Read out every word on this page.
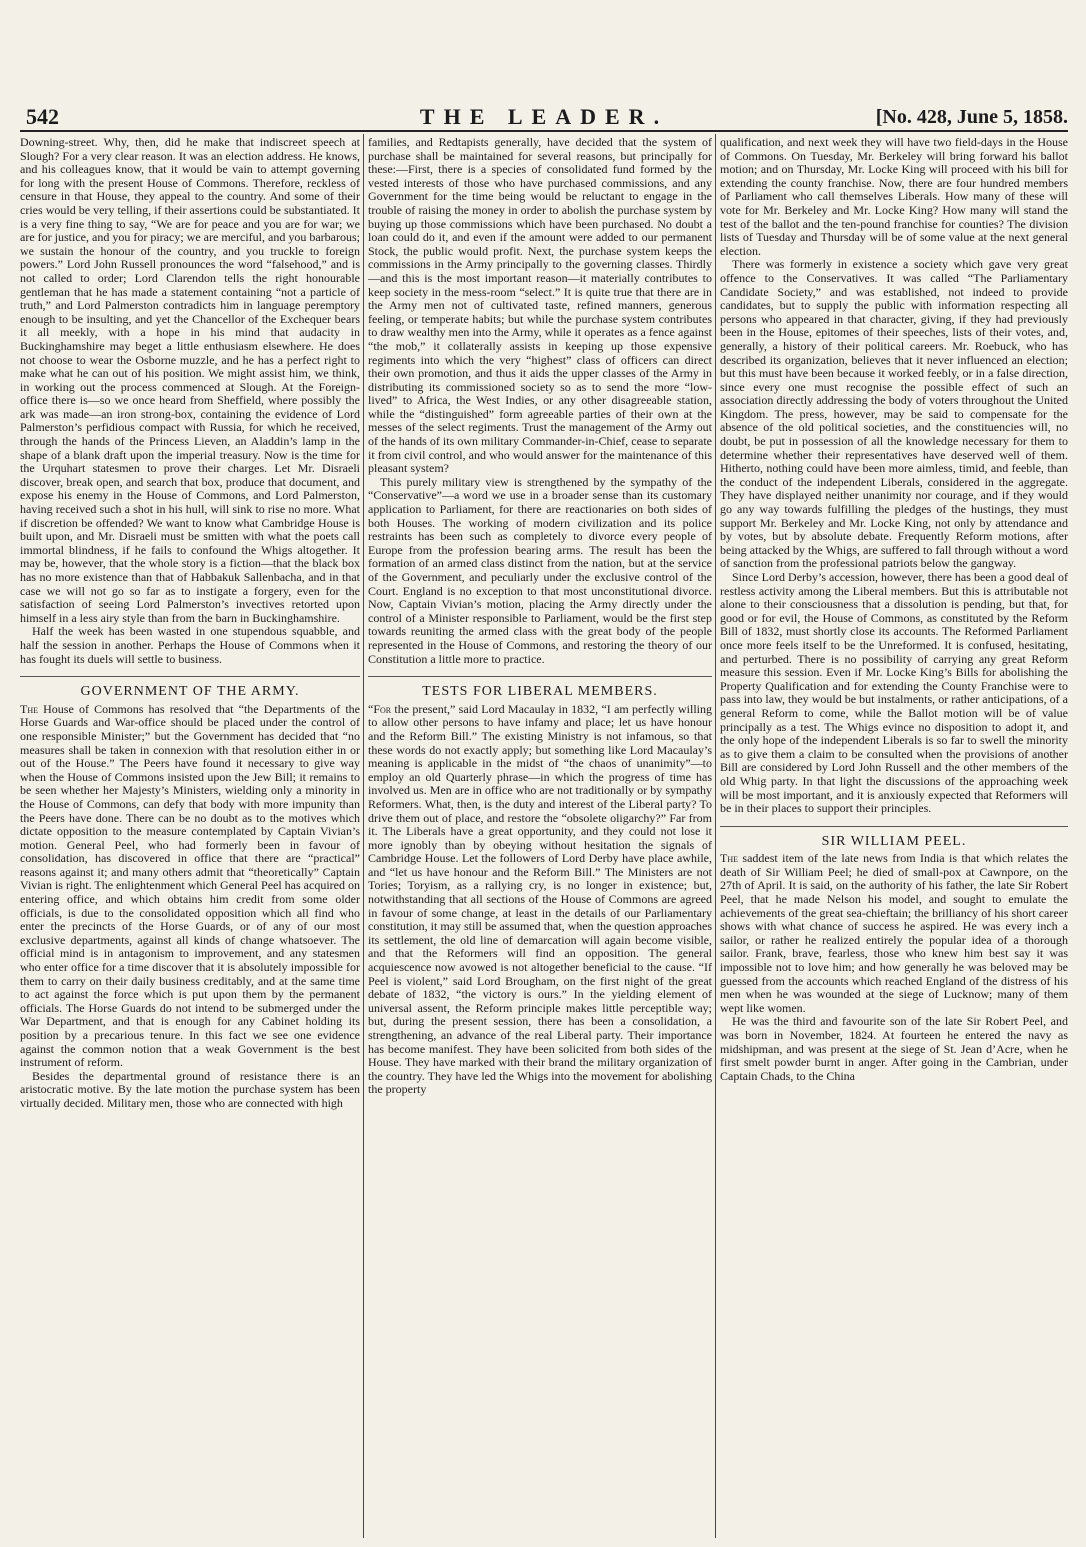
542	THE LEADER.	[No. 428, June 5, 1858.

Downing-street. Why, then, did he make that indiscreet speech at Slough? For a very clear reason. It was an election address. He knows, and his colleagues know, that it would be vain to attempt governing for long with the present House of Commons. Therefore, reckless of censure in that House, they appeal to the country. And some of their cries would be very telling, if their assertions could be substantiated. It is a very fine thing to say, “We are for peace and you are for war; we are for justice, and you for piracy; we are merciful, and you barbarous; we sustain the honour of the country, and you truckle to foreign powers.” Lord John Russell pronounces the word “falsehood,” and is not called to order; Lord Clarendon tells the right honourable gentleman that he has made a statement containing “not a particle of truth,” and Lord Palmerston contradicts him in language peremptory enough to be insulting, and yet the Chancellor of the Exchequer bears it all meekly, with a hope in his mind that audacity in Buckinghamshire may beget a little enthusiasm elsewhere. He does not choose to wear the Osborne muzzle, and he has a perfect right to make what he can out of his position. We might assist him, we think, in working out the process commenced at Slough. At the Foreign-office there is—so we once heard from Sheffield, where possibly the ark was made—an iron strong-box, containing the evidence of Lord Palmerston’s perfidious compact with Russia, for which he received, through the hands of the Princess Lieven, an Aladdin’s lamp in the shape of a blank draft upon the imperial treasury. Now is the time for the Urquhart statesmen to prove their charges. Let Mr. Disraeli discover, break open, and search that box, produce that document, and expose his enemy in the House of Commons, and Lord Palmerston, having received such a shot in his hull, will sink to rise no more. What if discretion be offended? We want to know what Cambridge House is built upon, and Mr. Disraeli must be smitten with what the poets call immortal blindness, if he fails to confound the Whigs altogether. It may be, however, that the whole story is a fiction—that the black box has no more existence than that of Habbakuk Sallenbacha, and in that case we will not go so far as to instigate a forgery, even for the satisfaction of seeing Lord Palmerston’s invectives retorted upon himself in a less airy style than from the barn in Buckinghamshire.

Half the week has been wasted in one stupendous squabble, and half the session in another. Perhaps the House of Commons when it has fought its duels will settle to business.

GOVERNMENT OF THE ARMY.

The House of Commons has resolved that “the Departments of the Horse Guards and War-office should be placed under the control of one responsible Minister;” but the Government has decided that “no measures shall be taken in connexion with that resolution either in or out of the House.” The Peers have found it necessary to give way when the House of Commons insisted upon the Jew Bill; it remains to be seen whether her Majesty’s Ministers, wielding only a minority in the House of Commons, can defy that body with more impunity than the Peers have done. There can be no doubt as to the motives which dictate opposition to the measure contemplated by Captain Vivian’s motion. General Peel, who had formerly been in favour of consolidation, has discovered in office that there are “practical” reasons against it; and many others admit that “theoretically” Captain Vivian is right. The enlightenment which General Peel has acquired on entering office, and which obtains him credit from some older officials, is due to the consolidated opposition which all find who enter the precincts of the Horse Guards, or of any of our most exclusive departments, against all kinds of change whatsoever. The official mind is in antagonism to improvement, and any statesmen who enter office for a time discover that it is absolutely impossible for them to carry on their daily business creditably, and at the same time to act against the force which is put upon them by the permanent officials. The Horse Guards do not intend to be submerged under the War Department, and that is enough for any Cabinet holding its position by a precarious tenure. In this fact we see one evidence against the common notion that a weak Government is the best instrument of reform.

Besides the departmental ground of resistance there is an aristocratic motive. By the late motion the purchase system has been virtually decided. Military men, those who are connected with high

families, and Redtapists generally, have decided that the system of purchase shall be maintained for several reasons, but principally for these:—First, there is a species of consolidated fund formed by the vested interests of those who have purchased commissions, and any Government for the time being would be reluctant to engage in the trouble of raising the money in order to abolish the purchase system by buying up those commissions which have been purchased. No doubt a loan could do it, and even if the amount were added to our permanent Stock, the public would profit. Next, the purchase system keeps the commissions in the Army principally to the governing classes. Thirdly—and this is the most important reason—it materially contributes to keep society in the mess-room “select.” It is quite true that there are in the Army men not of cultivated taste, refined manners, generous feeling, or temperate habits; but while the purchase system contributes to draw wealthy men into the Army, while it operates as a fence against “the mob,” it collaterally assists in keeping up those expensive regiments into which the very “highest” class of officers can direct their own promotion, and thus it aids the upper classes of the Army in distributing its commissioned society so as to send the more “low-lived” to Africa, the West Indies, or any other disagreeable station, while the “distinguished” form agreeable parties of their own at the messes of the select regiments. Trust the management of the Army out of the hands of its own military Commander-in-Chief, cease to separate it from civil control, and who would answer for the maintenance of this pleasant system?

This purely military view is strengthened by the sympathy of the “Conservative”—a word we use in a broader sense than its customary application to Parliament, for there are reactionaries on both sides of both Houses. The working of modern civilization and its police restraints has been such as completely to divorce every people of Europe from the profession bearing arms. The result has been the formation of an armed class distinct from the nation, but at the service of the Government, and peculiarly under the exclusive control of the Court. England is no exception to that most unconstitutional divorce. Now, Captain Vivian’s motion, placing the Army directly under the control of a Minister responsible to Parliament, would be the first step towards reuniting the armed class with the great body of the people represented in the House of Commons, and restoring the theory of our Constitution a little more to practice.

TESTS FOR LIBERAL MEMBERS.

“For the present,” said Lord Macaulay in 1832, “I am perfectly willing to allow other persons to have infamy and place; let us have honour and the Reform Bill.” The existing Ministry is not infamous, so that these words do not exactly apply; but something like Lord Macaulay’s meaning is applicable in the midst of “the chaos of unanimity”—to employ an old Quarterly phrase—in which the progress of time has involved us. Men are in office who are not traditionally or by sympathy Reformers. What, then, is the duty and interest of the Liberal party? To drive them out of place, and restore the “obsolete oligarchy?” Far from it. The Liberals have a great opportunity, and they could not lose it more ignobly than by obeying without hesitation the signals of Cambridge House. Let the followers of Lord Derby have place awhile, and “let us have honour and the Reform Bill.” The Ministers are not Tories; Toryism, as a rallying cry, is no longer in existence; but, notwithstanding that all sections of the House of Commons are agreed in favour of some change, at least in the details of our Parliamentary constitution, it may still be assumed that, when the question approaches its settlement, the old line of demarcation will again become visible, and that the Reformers will find an opposition. The general acquiescence now avowed is not altogether beneficial to the cause. “If Peel is violent,” said Lord Brougham, on the first night of the great debate of 1832, “the victory is ours.” In the yielding element of universal assent, the Reform principle makes little perceptible way; but, during the present session, there has been a consolidation, a strengthening, an advance of the real Liberal party. Their importance has become manifest. They have been solicited from both sides of the House. They have marked with their brand the military organization of the country. They have led the Whigs into the movement for abolishing the property

qualification, and next week they will have two field-days in the House of Commons. On Tuesday, Mr. Berkeley will bring forward his ballot motion; and on Thursday, Mr. Locke King will proceed with his bill for extending the county franchise. Now, there are four hundred members of Parliament who call themselves Liberals. How many of these will vote for Mr. Berkeley and Mr. Locke King? How many will stand the test of the ballot and the ten-pound franchise for counties? The division lists of Tuesday and Thursday will be of some value at the next general election.

There was formerly in existence a society which gave very great offence to the Conservatives. It was called “The Parliamentary Candidate Society,” and was established, not indeed to provide candidates, but to supply the public with information respecting all persons who appeared in that character, giving, if they had previously been in the House, epitomes of their speeches, lists of their votes, and, generally, a history of their political careers. Mr. Roebuck, who has described its organization, believes that it never influenced an election; but this must have been because it worked feebly, or in a false direction, since every one must recognise the possible effect of such an association directly addressing the body of voters throughout the United Kingdom. The press, however, may be said to compensate for the absence of the old political societies, and the constituencies will, no doubt, be put in possession of all the knowledge necessary for them to determine whether their representatives have deserved well of them. Hitherto, nothing could have been more aimless, timid, and feeble, than the conduct of the independent Liberals, considered in the aggregate. They have displayed neither unanimity nor courage, and if they would go any way towards fulfilling the pledges of the hustings, they must support Mr. Berkeley and Mr. Locke King, not only by attendance and by votes, but by absolute debate. Frequently Reform motions, after being attacked by the Whigs, are suffered to fall through without a word of sanction from the professional patriots below the gangway.

Since Lord Derby’s accession, however, there has been a good deal of restless activity among the Liberal members. But this is attributable not alone to their consciousness that a dissolution is pending, but that, for good or for evil, the House of Commons, as constituted by the Reform Bill of 1832, must shortly close its accounts. The Reformed Parliament once more feels itself to be the Unreformed. It is confused, hesitating, and perturbed. There is no possibility of carrying any great Reform measure this session. Even if Mr. Locke King’s Bills for abolishing the Property Qualification and for extending the County Franchise were to pass into law, they would be but instalments, or rather anticipations, of a general Reform to come, while the Ballot motion will be of value principally as a test. The Whigs evince no disposition to adopt it, and the only hope of the independent Liberals is so far to swell the minority as to give them a claim to be consulted when the provisions of another Bill are considered by Lord John Russell and the other members of the old Whig party. In that light the discussions of the approaching week will be most important, and it is anxiously expected that Reformers will be in their places to support their principles.

SIR WILLIAM PEEL.

The saddest item of the late news from India is that which relates the death of Sir William Peel; he died of small-pox at Cawnpore, on the 27th of April. It is said, on the authority of his father, the late Sir Robert Peel, that he made Nelson his model, and sought to emulate the achievements of the great sea-chieftain; the brilliancy of his short career shows with what chance of success he aspired. He was every inch a sailor, or rather he realized entirely the popular idea of a thorough sailor. Frank, brave, fearless, those who knew him best say it was impossible not to love him; and how generally he was beloved may be guessed from the accounts which reached England of the distress of his men when he was wounded at the siege of Lucknow; many of them wept like women.

He was the third and favourite son of the late Sir Robert Peel, and was born in November, 1824. At fourteen he entered the navy as midshipman, and was present at the siege of St. Jean d’Acre, when he first smelt powder burnt in anger. After going in the Cambrian, under Captain Chads, to the China
